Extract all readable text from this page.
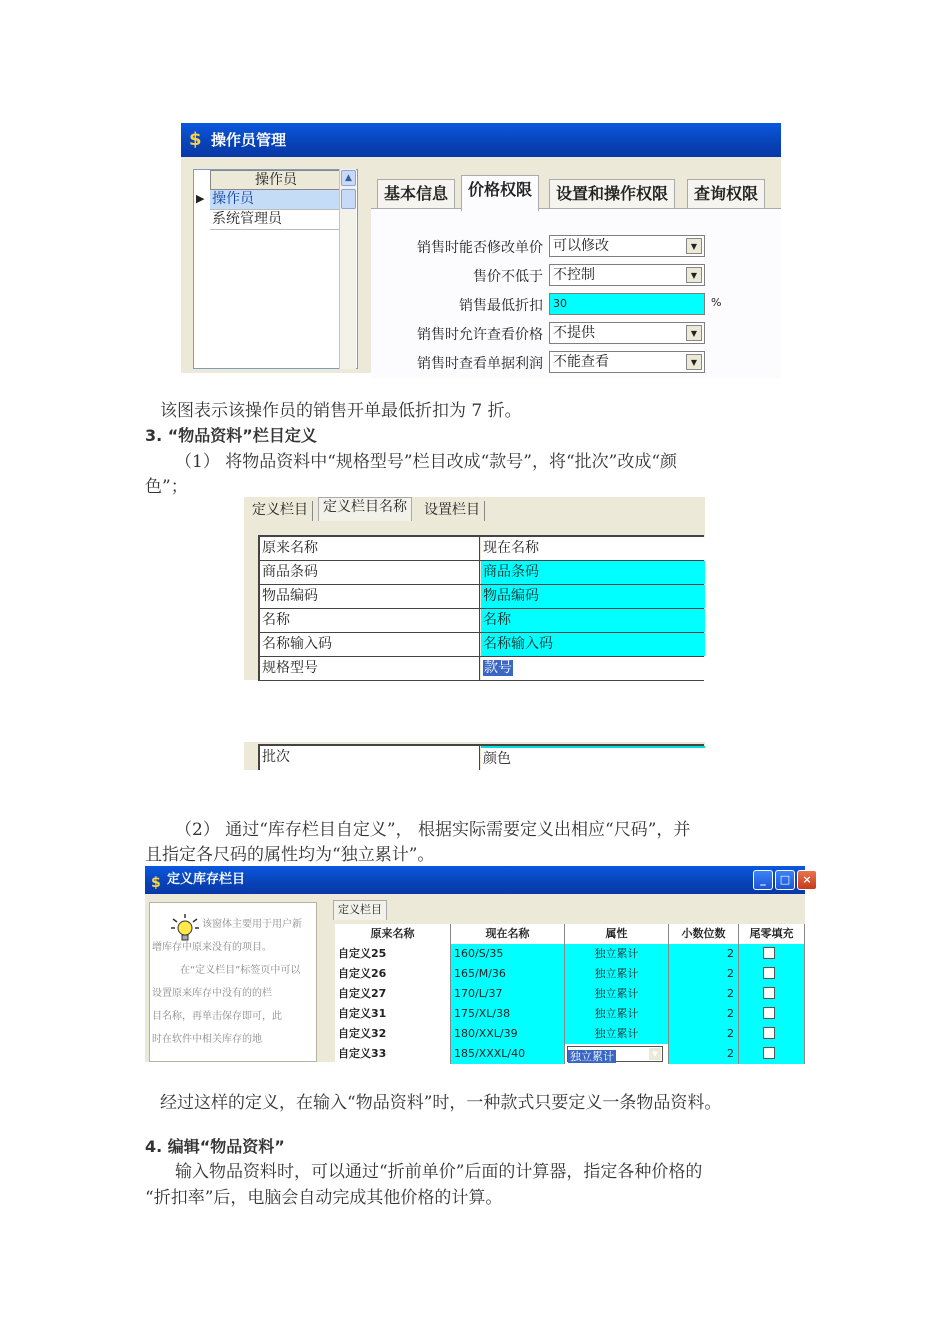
$ 操作员管理
操作员
▶ 操作员
系统管理员
▲
基本信息	价格权限	设置和操作权限	查询权限
销售时能否修改单价 可以修改	▼
售价不低于 不控制	▼
销售最低折扣 30	%
销售时允许查看价格 不提供	▼
销售时查看单据利润 不能查看	▼
该图表示该操作员的销售开单最低折扣为 7 折。
3. “物品资料”栏目定义
（1） 将物品资料中“规格型号”栏目改成“款号”，将“批次”改成“颜
色”；
定义栏目	定义栏目名称	设置栏目
原来名称	现在名称
商品条码	商品条码
物品编码	物品编码
名称	名称
名称输入码	名称输入码
规格型号	款号
批次	颜色
（2） 通过“库存栏目自定义”， 根据实际需要定义出相应“尺码”，并
且指定各尺码的属性均为“独立累计”。
$ 定义库存栏目	_	□	×
该窗体主要用于用户新
增库存中原来没有的项目。
在“定义栏目”标签页中可以
设置原来库存中没有的的栏
目名称，再单击保存即可，此
时在软件中相关库存的地
定义栏目
原来名称	现在名称	属性	小数位数	尾零填充
自定义25	160/S/35	独立累计	2
自定义26	165/M/36	独立累计	2
自定义27	170/L/37	独立累计	2
自定义31	175/XL/38	独立累计	2
自定义32	180/XXL/39	独立累计	2
自定义33	185/XXXL/40	独立累计	▼	2
经过这样的定义，在输入“物品资料”时，一种款式只要定义一条物品资料。
4. 编辑“物品资料”
输入物品资料时，可以通过“折前单价”后面的计算器，指定各种价格的
“折扣率”后，电脑会自动完成其他价格的计算。
